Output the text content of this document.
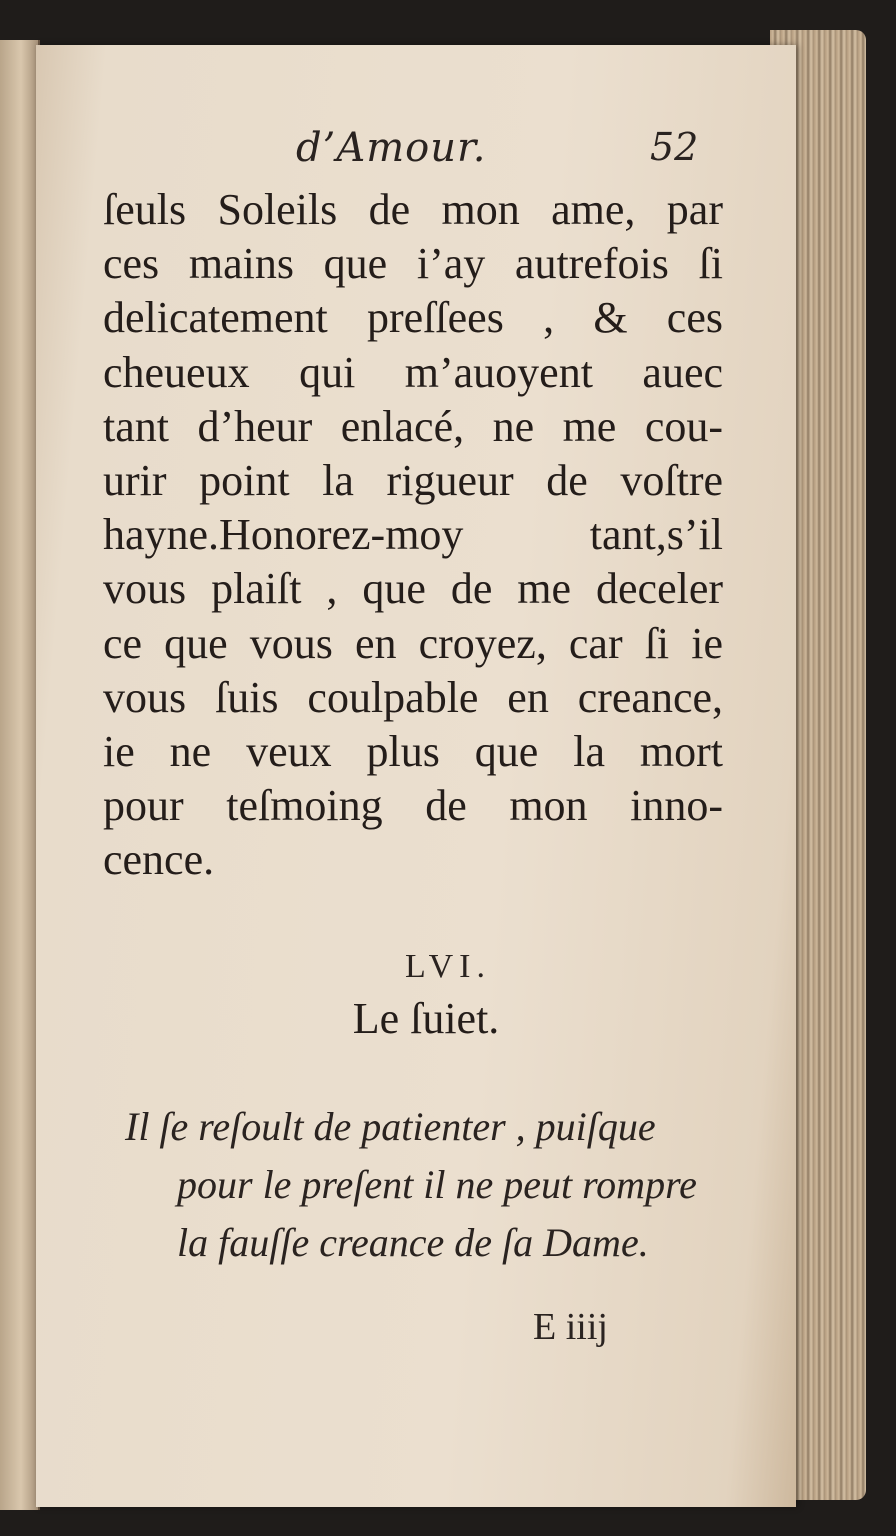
d’Amour.	52
ſeuls Soleils de mon ame, par
ces mains que i’ay autrefois ſi
delicatement preſſees , & ces
cheueux qui m’auoyent auec
tant d’heur enlacé, ne me cou-
urir point la rigueur de voſtre
hayne.Honorez-moy tant,s’il
vous plaiſt , que de me deceler
ce que vous en croyez, car ſi ie
vous ſuis coulpable en creance,
ie ne veux plus que la mort
pour teſmoing de mon inno-
cence.
LVI.
Le ſuiet.
Il ſe reſoult de patienter , puiſque
pour le preſent il ne peut rompre
la fauſſe creance de ſa Dame.
E iiij
